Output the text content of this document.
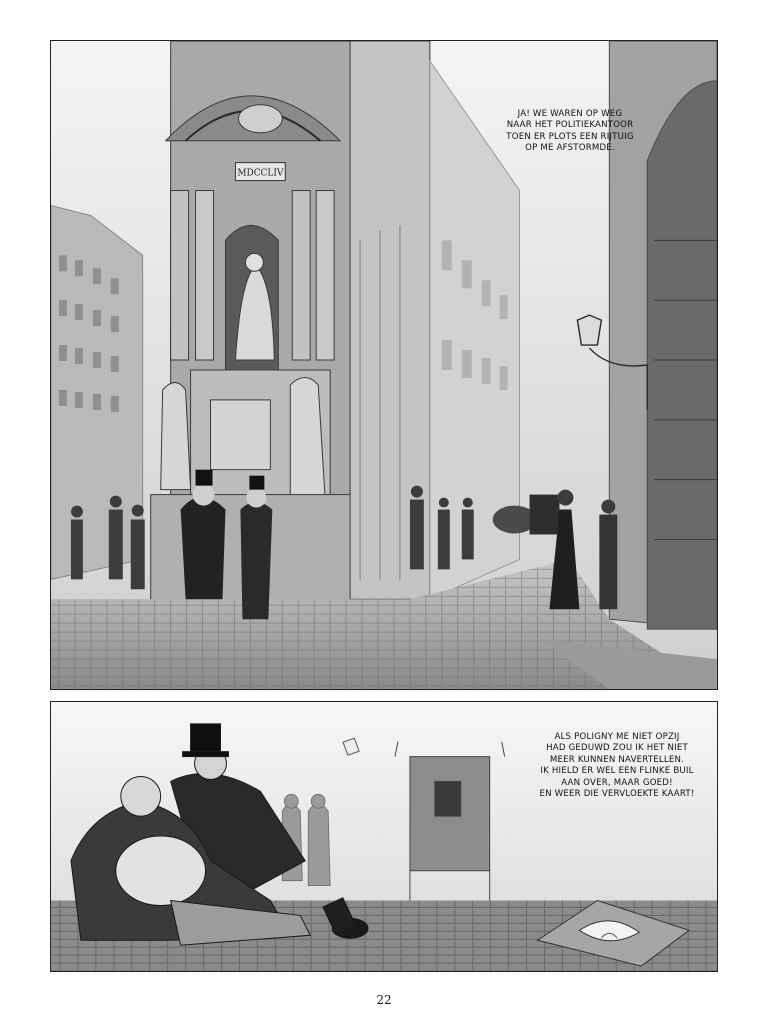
MDCCLIV
JA! WE WAREN OP WEG
NAAR HET POLITIEKANTOOR
TOEN ER PLOTS EEN RIJTUIG
OP ME AFSTORMDE.
ALS POLIGNY ME NIET OPZIJ
HAD GEDUWD ZOU IK HET NIET
MEER KUNNEN NAVERTELLEN.
IK HIELD ER WEL EEN FLINKE BUIL
AAN OVER, MAAR GOED!
EN WEER DIE VERVLOEKTE KAART!
22
